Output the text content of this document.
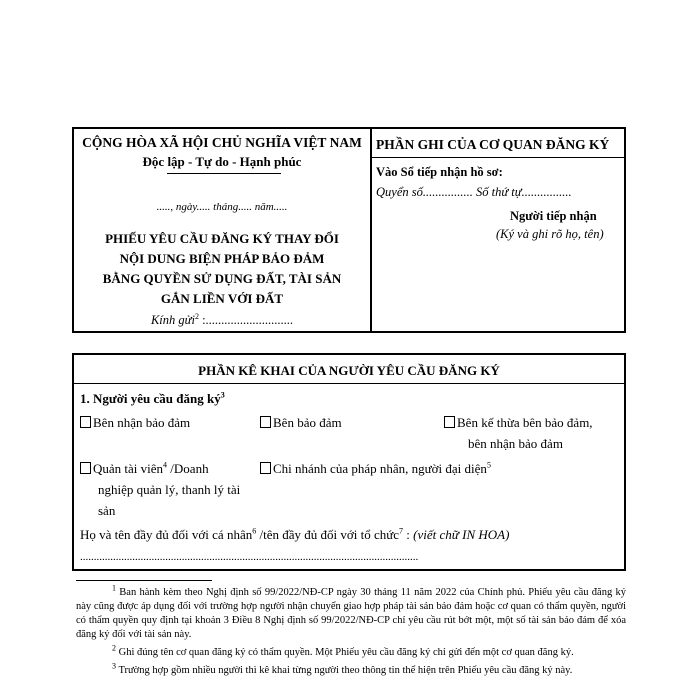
CỘNG HÒA XÃ HỘI CHỦ NGHĨA VIỆT NAM
Độc lập - Tự do - Hạnh phúc
....., ngày..... tháng..... năm.....
PHIẾU YÊU CẦU ĐĂNG KÝ THAY ĐỔI
NỘI DUNG BIỆN PHÁP BẢO ĐẢM
BẰNG QUYỀN SỬ DỤNG ĐẤT, TÀI SẢN
GẮN LIỀN VỚI ĐẤT
Kính gửi$^2$ :............................
PHẦN GHI CỦA CƠ QUAN ĐĂNG KÝ
Vào Sổ tiếp nhận hồ sơ:
Quyển số................ Số thứ tự................
Người tiếp nhận
(Ký và ghi rõ họ, tên)
PHẦN KÊ KHAI CỦA NGƯỜI YÊU CẦU ĐĂNG KÝ
1. Người yêu cầu đăng $ký^3$
Bên nhận bảo đảm	Bên bảo đảm	Bên kế thừa bên bảo đảm,
bên nhận bảo đảm
Quản tài viên$^4$ /Doanh
nghiệp quản lý, thanh lý tài
sản
Chi nhánh của pháp nhân, người đại diện$^5$
Họ và tên đầy đủ đối với cá nhân$^6$ /tên đầy đủ đối với tổ chức$^7$ : (viết chữ IN HOA)
...........................................................................................................................
$^1$ Ban hành kèm theo Nghị định số 99/2022/NĐ-CP ngày 30 tháng 11 năm 2022 của Chính phủ. Phiếu yêu cầu đăng ký này cũng được áp dụng đối với trường hợp người nhận chuyển giao hợp pháp tài sản bảo đảm hoặc cơ quan có thẩm quyền, người có thẩm quyền quy định tại khoản 3 Điều 8 Nghị định số 99/2022/NĐ-CP chỉ yêu cầu rút bớt một, một số tài sản bảo đảm để xóa đăng ký đối với tài sản này.
$^2$ Ghi đúng tên cơ quan đăng ký có thẩm quyền. Một Phiếu yêu cầu đăng ký chỉ gửi đến một cơ quan đăng ký.
$^3$ Trường hợp gồm nhiều người thì kê khai từng người theo thông tin thể hiện trên Phiếu yêu cầu đăng ký này.
